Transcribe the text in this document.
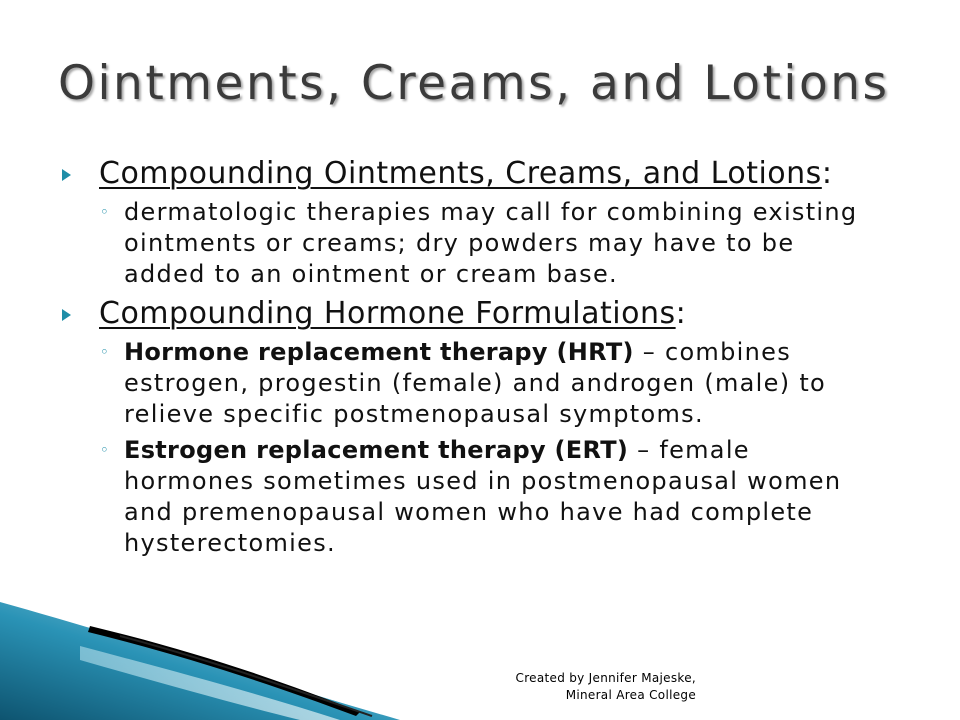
Ointments, Creams, and Lotions
Compounding Ointments, Creams, and Lotions:
◦ dermatologic therapies may call for combining existing ointments or creams; dry powders may have to be added to an ointment or cream base.
Compounding Hormone Formulations:
◦ Hormone replacement therapy (HRT) – combines estrogen, progestin (female) and androgen (male) to relieve specific postmenopausal symptoms.
◦ Estrogen replacement therapy (ERT) – female hormones sometimes used in postmenopausal women and premenopausal women who have had complete hysterectomies.
Created by Jennifer Majeske,
Mineral Area College
